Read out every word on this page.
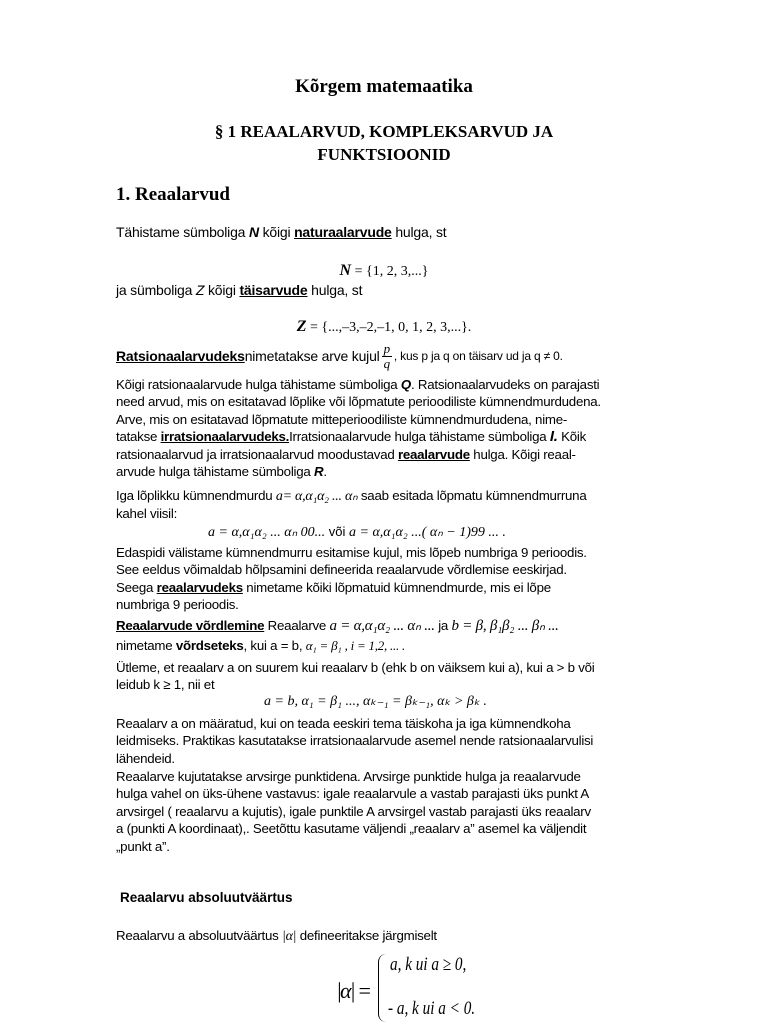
Kõrgem matemaatika
§ 1 REAALARVUD, KOMPLEKSARVUD JA
FUNKTSIOONID
1. Reaalarvud
Tähistame sümboliga N kõigi naturaalarvude hulga, st
N = {1, 2, 3,...}
ja sümboliga Z kõigi täisarvude hulga, st
Z = {...,–3,–2,–1, 0, 1, 2, 3,...}.
Ratsionaalarvudeks nimetatakse arve kujul p
q , kus p ja q on täisarv ud ja q ≠ 0.
Kõigi ratsionaalarvude hulga tähistame sümboliga Q. Ratsionaalarvudeks on parajasti
need arvud, mis on esitatavad lõplike või lõpmatute perioodiliste kümnendmurdudena.
Arve, mis on esitatavad lõpmatute mitteperioodiliste kümnendmurdudena, nime-
tatakse irratsionaalarvudeks.Irratsionaalarvude hulga tähistame sümboliga I. Kõik
ratsionaalarvud ja irratsionaalarvud moodustavad reaalarvude hulga. Kõigi reaal-
arvude hulga tähistame sümboliga R.
Iga lõplikku kümnendmurdu a= α,α₁α₂ ... αₙ saab esitada lõpmatu kümnendmurruna
kahel viisil:
a = α,α₁α₂ ... αₙ 00... või a = α,α₁α₂ ...( αₙ − 1)99 ... .
Edaspidi välistame kümnendmurru esitamise kujul, mis lõpeb numbriga 9 perioodis.
See eeldus võimaldab hõlpsamini defineerida reaalarvude võrdlemise eeskirjad.
Seega reaalarvudeks nimetame kõiki lõpmatuid kümnendmurde, mis ei lõpe
numbriga 9 perioodis.
Reaalarvude võrdlemine Reaalarve a = α,α₁α₂ ... αₙ ... ja b = β, β₁β₂ ... βₙ ...
nimetame võrdseteks, kui a = b, α₁ = β₁ , i = 1,2, ... .
Ütleme, et reaalarv a on suurem kui reaalarv b (ehk b on väiksem kui a), kui a > b või
leidub k ≥ 1, nii et
a = b, α₁ = β₁ ..., αₖ₋₁ = βₖ₋₁, αₖ > βₖ .
Reaalarv a on määratud, kui on teada eeskiri tema täiskoha ja iga kümnendkoha
leidmiseks. Praktikas kasutatakse irratsionaalarvude asemel nende ratsionaalarvulisi
lähendeid.
Reaalarve kujutatakse arvsirge punktidena. Arvsirge punktide hulga ja reaalarvude
hulga vahel on üks-ühene vastavus: igale reaalarvule a vastab parajasti üks punkt A
arvsirgel ( reaalarvu a kujutis), igale punktile A arvsirgel vastab parajasti üks reaalarv
a (punkti A koordinaat),. Seetõttu kasutame väljendi „reaalarv a” asemel ka väljendit
„punkt a”.
Reaalarvu absoluutväärtus
Reaalarvu a absoluutväärtus |α| defineeritakse järgmiselt
|α| =
a, k ui a ≥ 0,
- a, k ui a < 0.
